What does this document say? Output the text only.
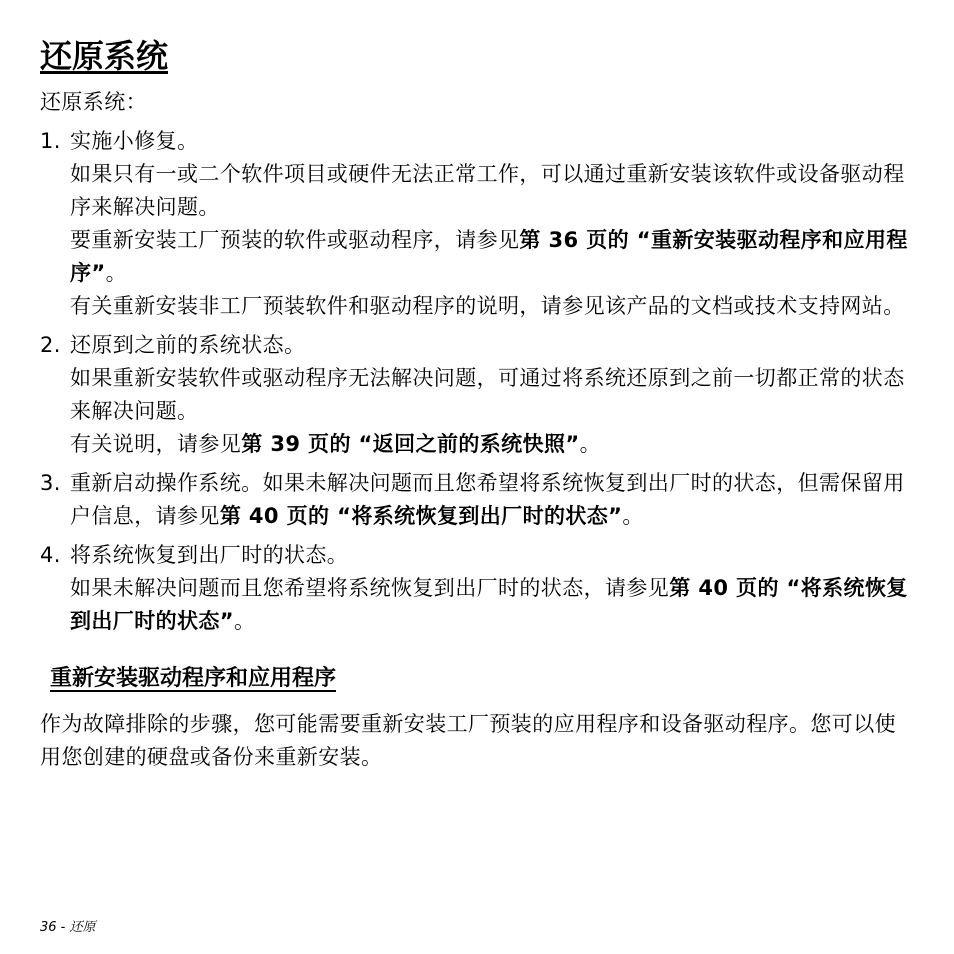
还原系统

还原系统：

1. 实施小修复。
如果只有一或二个软件项目或硬件无法正常工作，可以通过重新安装该软件或设备驱动程序来解决问题。
要重新安装工厂预装的软件或驱动程序，请参见第 36 页的 “重新安装驱动程序和应用程序”。
有关重新安装非工厂预装软件和驱动程序的说明，请参见该产品的文档或技术支持网站。
2. 还原到之前的系统状态。
如果重新安装软件或驱动程序无法解决问题，可通过将系统还原到之前一切都正常的状态来解决问题。
有关说明，请参见第 39 页的 “返回之前的系统快照”。
3. 重新启动操作系统。如果未解决问题而且您希望将系统恢复到出厂时的状态，但需保留用户信息，请参见第 40 页的 “将系统恢复到出厂时的状态”。
4. 将系统恢复到出厂时的状态。
如果未解决问题而且您希望将系统恢复到出厂时的状态，请参见第 40 页的 “将系统恢复到出厂时的状态”。
重新安装驱动程序和应用程序

作为故障排除的步骤，您可能需要重新安装工厂预装的应用程序和设备驱动程序。您可以使用您创建的硬盘或备份来重新安装。

36 - 还原
